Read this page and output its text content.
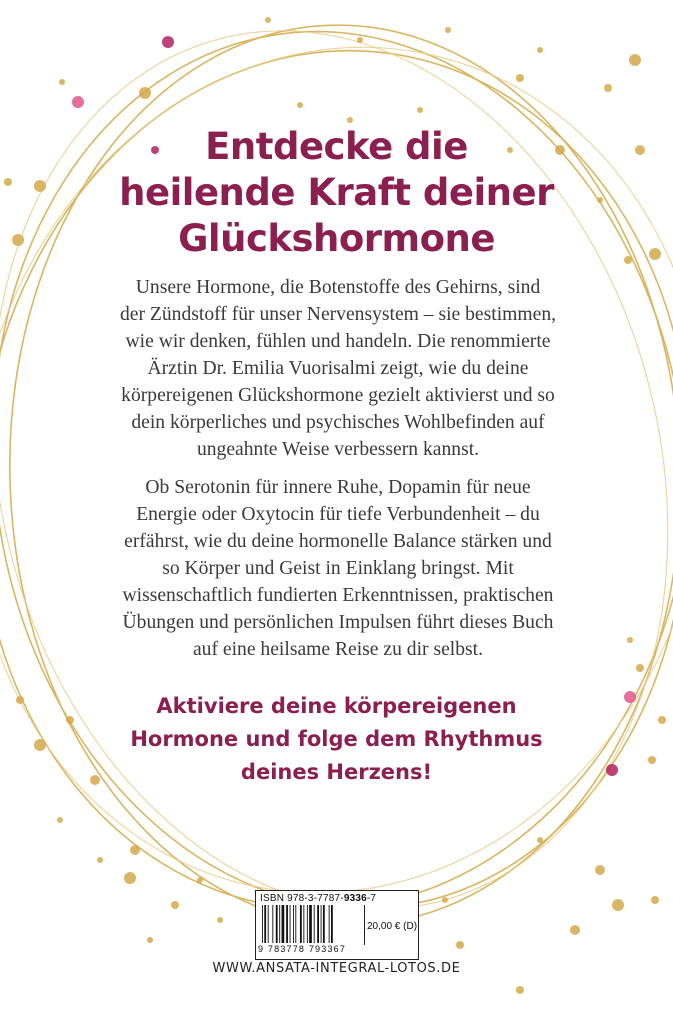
Entdecke die
heilende Kraft deiner
Glückshormone
Unsere Hormone, die Botenstoffe des Gehirns, sind
der Zündstoff für unser Nervensystem – sie bestimmen,
wie wir denken, fühlen und handeln. Die renommierte
Ärztin Dr. Emilia Vuorisalmi zeigt, wie du deine
körpereigenen Glückshormone gezielt aktivierst und so
dein körperliches und psychisches Wohlbefinden auf
ungeahnte Weise verbessern kannst.
Ob Serotonin für innere Ruhe, Dopamin für neue
Energie oder Oxytocin für tiefe Verbundenheit – du
erfährst, wie du deine hormonelle Balance stärken und
so Körper und Geist in Einklang bringst. Mit
wissenschaftlich fundierten Erkenntnissen, praktischen
Übungen und persönlichen Impulsen führt dieses Buch
auf eine heilsame Reise zu dir selbst.
Aktiviere deine körpereigenen
Hormone und folge dem Rhythmus
deines Herzens!
ISBN 978-3-7787-9336-7
20,00 € (D)
9 783778 793367

WWW.ANSATA-INTEGRAL-LOTOS.DE
